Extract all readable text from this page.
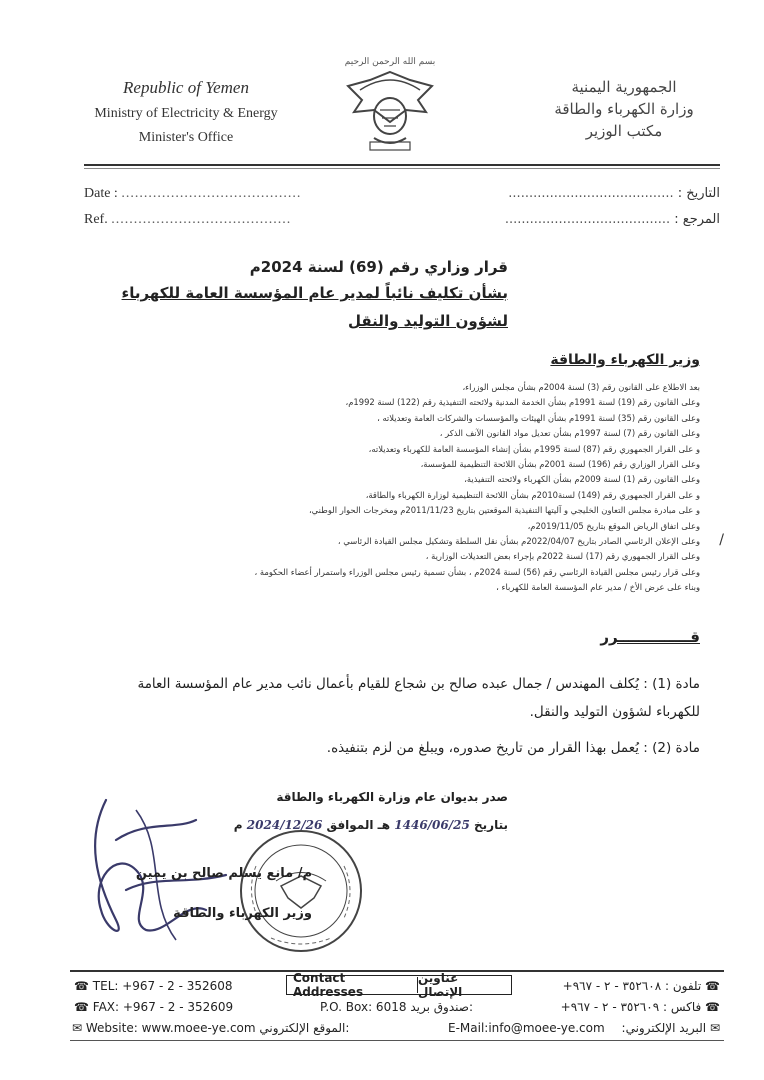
Republic of Yemen
Ministry of Electricity & Energy
Minister's Office
بسم الله الرحمن الرحيم
الجمهورية اليمنية
وزارة الكهرباء والطاقة
مكتب الوزير
Date : ........................................
Ref. ........................................
التاريخ : ........................................
المرجع : ........................................
قرار وزاري رقم (69) لسنة 2024م
بشأن تكليف نائباً لمدير عام المؤسسة العامة للكهرباء
لشؤون التوليد والنقل
وزير الكهرباء والطاقة
بعد الاطلاع على القانون رقم (3) لسنة 2004م بشأن مجلس الوزراء،
وعلى القانون رقم (19) لسنة 1991م بشأن الخدمة المدنية ولائحته التنفيذية رقم (122) لسنة 1992م،
وعلى القانون رقم (35) لسنة 1991م بشأن الهيئات والمؤسسات والشركات العامة وتعديلاته ،
وعلى القانون رقم (7) لسنة 1997م بشأن تعديل مواد القانون الآنف الذكر ،
و على القرار الجمهوري رقم (87) لسنة 1995م بشأن إنشاء المؤسسة العامة للكهرباء وتعديلاته،
وعلى القرار الوزاري رقم (196) لسنة 2001م بشأن اللائحة التنظيمية للمؤسسة،
وعلى القانون رقم (1) لسنة 2009م بشأن الكهرباء ولائحته التنفيذية،
و على القرار الجمهوري رقم (149) لسنة2010م بشأن اللائحة التنظيمية لوزارة الكهرباء والطاقة،
و على مبادرة مجلس التعاون الخليجي و آليتها التنفيذية الموقعتين بتاريخ 2011/11/23م ومخرجات الحوار الوطني،
وعلى اتفاق الرياض الموقع بتاريخ 2019/11/05م،
وعلى الإعلان الرئاسي الصادر بتاريخ 2022/04/07م بشأن نقل السلطة وتشكيل مجلس القيادة الرئاسي ،
وعلى القرار الجمهوري رقم (17) لسنة 2022م بإجراء بعض التعديلات الوزارية ،
وعلى قرار رئيس مجلس القيادة الرئاسي رقم (56) لسنة 2024م ، بشأن تسمية رئيس مجلس الوزراء واستمرار أعضاء الحكومة ،
وبناء على عرض الأخ / مدير عام المؤسسة العامة للكهرباء ،
/
قــــــــــــــرر
مادة (1) : يُكلف المهندس / جمال عبده صالح بن شجاع للقيام بأعمال نائب مدير عام المؤسسة العامة
للكهرباء لشؤون التوليد والنقل.
مادة (2) : يُعمل بهذا القرار من تاريخ صدوره، ويبلغ من لزم بتنفيذه.
صدر بديوان عام وزارة الكهرباء والطاقة
بتاريخ 1446/06/25 هـ الموافق 2024/12/26 م
م/ مانع يسلم صالح بن يمين
وزير الكهرباء والطاقة
☎ TEL: +967 - 2 - 352608
☎ FAX: +967 - 2 - 352609
✉ Website: www.moee-ye.com الموقع الإلكتروني:
Contact Addresses
عناوين الإتصال
P.O. Box: 6018 صندوق بريد:
E-Mail:info@moee-ye.com	✉ البريد الإلكتروني:
☎ تلفون : ٣٥٢٦٠٨ - ٢ - ٩٦٧+
☎ فاكس : ٣٥٢٦٠٩ - ٢ - ٩٦٧+
